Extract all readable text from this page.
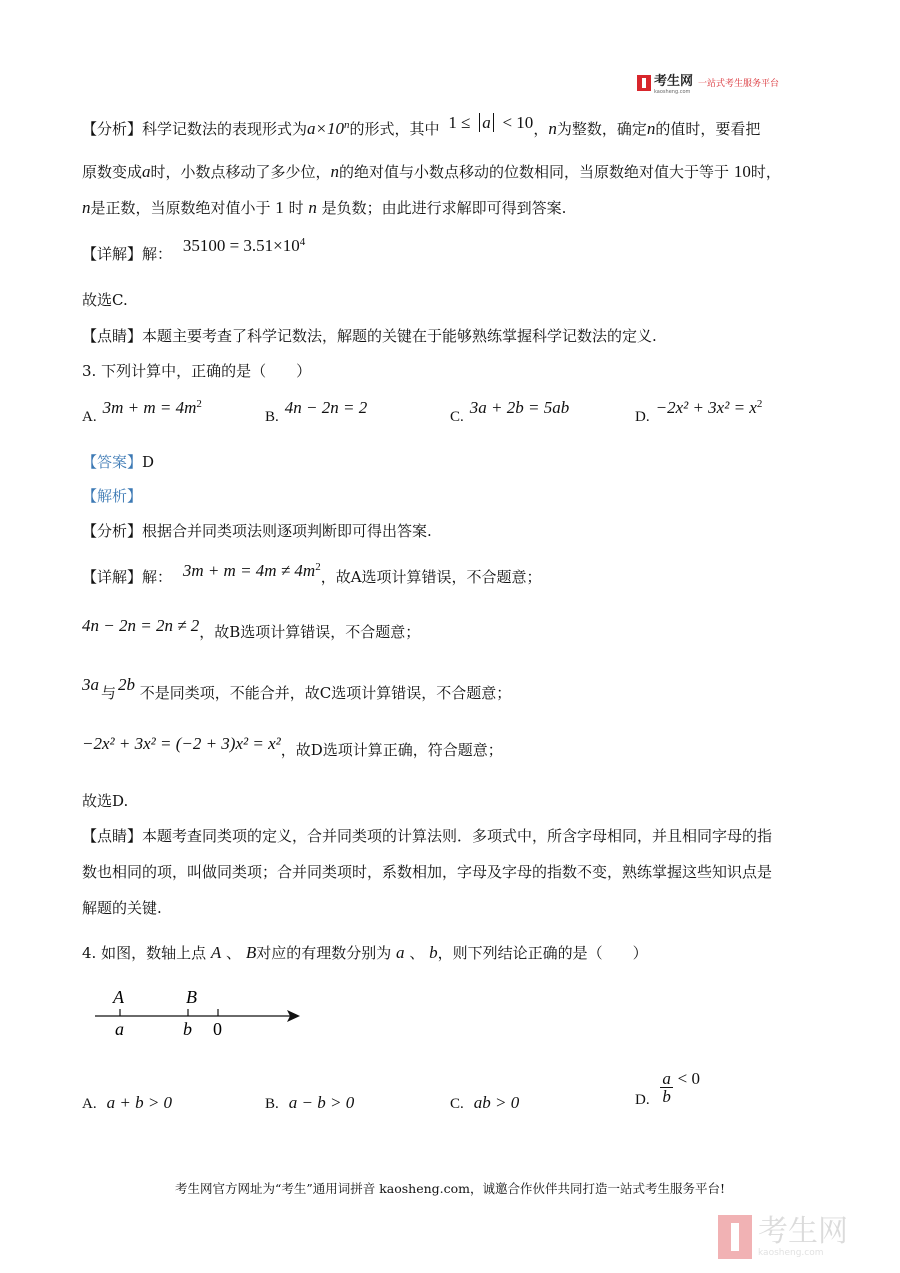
考生网
kaosheng.com
一站式考生服务平台
【分析】科学记数法的表现形式为$a\times 10^n$的形式，其中 1 ≤ a < 10，n为整数，确定n的值时，要看把
原数变成a时，小数点移动了多少位，n的绝对值与小数点移动的位数相同，当原数绝对值大于等于 10时，
n是正数，当原数绝对值小于 1 时 n 是负数；由此进行求解即可得到答案.
【详解】解： $35100 = 3.51\times 10^4$
故选C.
【点睛】本题主要考查了科学记数法，解题的关键在于能够熟练掌握科学记数法的定义.
3. 下列计算中，正确的是（　　）
A. $3m + m = 4m^2$
B. 4n − 2n = 2	C. 3a + 2b = 5ab	D. $-2x^2 + 3x^2 = x^2$
【答案】D
【解析】
【分析】根据合并同类项法则逐项判断即可得出答案.
【详解】解： $3m + m = 4m \ne 4m^2$，故A选项计算错误，不合题意；
4n − 2n = 2n ≠ 2，故B选项计算错误，不合题意；
3a 与 2b 不是同类项，不能合并，故C选项计算错误，不合题意；
−2x² + 3x² = (−2 + 3)x² = x²，故D选项计算正确，符合题意；
故选D.
【点睛】本题考查同类项的定义，合并同类项的计算法则．多项式中，所含字母相同，并且相同字母的指
数也相同的项，叫做同类项；合并同类项时，系数相加，字母及字母的指数不变，熟练掌握这些知识点是
解题的关键.
4. 如图，数轴上点 A 、 B对应的有理数分别为 a 、 b，则下列结论正确的是（　　）
A	B
a	b 0
A. a + b > 0	B. a − b > 0	C. ab > 0	D. $\frac{a}{b} < 0$
考生网官方网址为“考生”通用词拼音 kaosheng.com，诚邀合作伙伴共同打造一站式考生服务平台!
考生网
kaosheng.com
